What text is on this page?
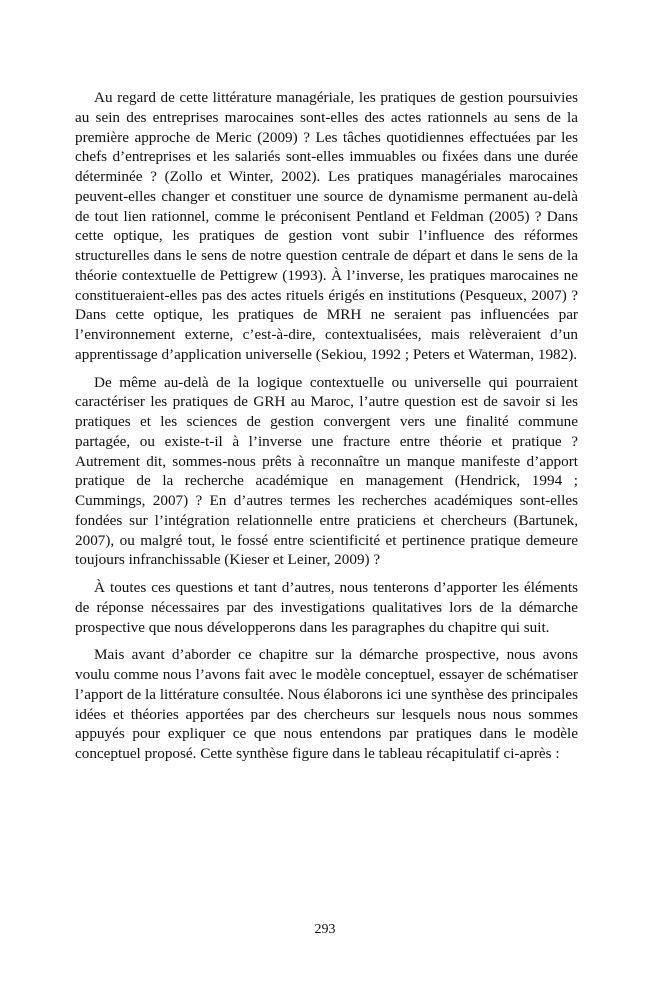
Au regard de cette littérature managériale, les pratiques de gestion poursuivies au sein des entreprises marocaines sont-elles des actes rationnels au sens de la première approche de Meric (2009) ? Les tâches quotidiennes effectuées par les chefs d’entreprises et les salariés sont-elles immuables ou fixées dans une durée déterminée ? (Zollo et Winter, 2002). Les pratiques managériales marocaines peuvent-elles changer et constituer une source de dynamisme permanent au-delà de tout lien rationnel, comme le préconisent Pentland et Feldman (2005) ? Dans cette optique, les pratiques de gestion vont subir l’influence des réformes structurelles dans le sens de notre question centrale de départ et dans le sens de la théorie contextuelle de Pettigrew (1993). À l’inverse, les pratiques marocaines ne constitueraient-elles pas des actes rituels érigés en institutions (Pesqueux, 2007) ? Dans cette optique, les pratiques de MRH ne seraient pas influencées par l’environnement externe, c’est-à-dire, contextualisées, mais relèveraient d’un apprentissage d’application universelle (Sekiou, 1992 ; Peters et Waterman, 1982).

De même au-delà de la logique contextuelle ou universelle qui pourraient caractériser les pratiques de GRH au Maroc, l’autre question est de savoir si les pratiques et les sciences de gestion convergent vers une finalité commune partagée, ou existe-t-il à l’inverse une fracture entre théorie et pratique ? Autrement dit, sommes-nous prêts à reconnaître un manque manifeste d’apport pratique de la recherche académique en management (Hendrick, 1994 ; Cummings, 2007) ? En d’autres termes les recherches académiques sont-elles fondées sur l’intégration relationnelle entre praticiens et chercheurs (Bartunek, 2007), ou malgré tout, le fossé entre scientificité et pertinence pratique demeure toujours infranchissable (Kieser et Leiner, 2009) ?

À toutes ces questions et tant d’autres, nous tenterons d’apporter les éléments de réponse nécessaires par des investigations qualitatives lors de la démarche prospective que nous développerons dans les paragraphes du chapitre qui suit.

Mais avant d’aborder ce chapitre sur la démarche prospective, nous avons voulu comme nous l’avons fait avec le modèle conceptuel, essayer de schématiser l’apport de la littérature consultée. Nous élaborons ici une synthèse des principales idées et théories apportées par des chercheurs sur lesquels nous nous sommes appuyés pour expliquer ce que nous entendons par pratiques dans le modèle conceptuel proposé. Cette synthèse figure dans le tableau récapitulatif ci-après :

293
